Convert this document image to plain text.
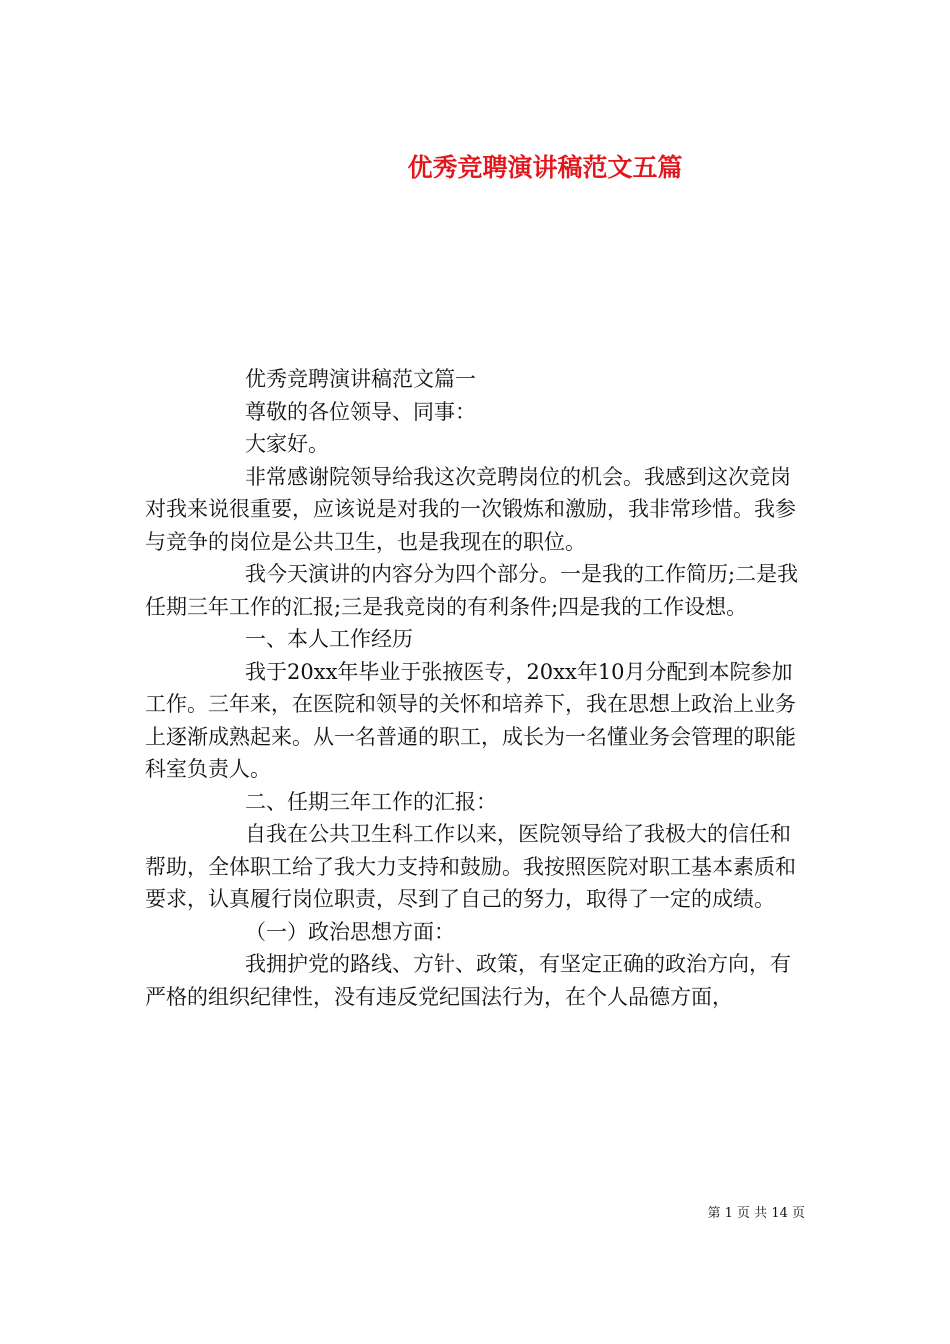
优秀竞聘演讲稿范文五篇

优秀竞聘演讲稿范文篇一

尊敬的各位领导、同事：

大家好。

非常感谢院领导给我这次竞聘岗位的机会。我感到这次竞岗对我来说很重要，应该说是对我的一次锻炼和激励，我非常珍惜。我参与竞争的岗位是公共卫生，也是我现在的职位。

我今天演讲的内容分为四个部分。一是我的工作简历;二是我任期三年工作的汇报;三是我竞岗的有利条件;四是我的工作设想。

一、本人工作经历

我于20xx年毕业于张掖医专，20xx年10月分配到本院参加工作。三年来，在医院和领导的关怀和培养下，我在思想上政治上业务上逐渐成熟起来。从一名普通的职工，成长为一名懂业务会管理的职能科室负责人。

二、任期三年工作的汇报：

自我在公共卫生科工作以来，医院领导给了我极大的信任和帮助，全体职工给了我大力支持和鼓励。我按照医院对职工基本素质和要求，认真履行岗位职责，尽到了自己的努力，取得了一定的成绩。

（一）政治思想方面：

我拥护党的路线、方针、政策，有坚定正确的政治方向，有严格的组织纪律性，没有违反党纪国法行为，在个人品德方面，

第 1 页 共 14 页
